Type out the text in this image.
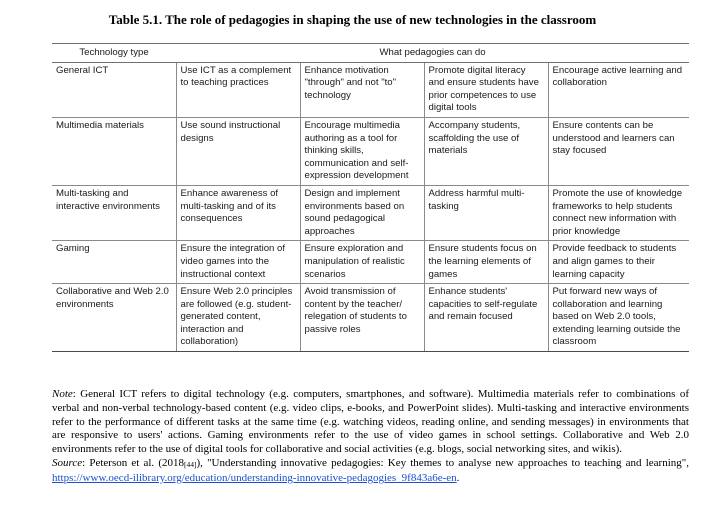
Table 5.1. The role of pedagogies in shaping the use of new technologies in the classroom
Technology type	What pedagogies can do			
General ICT	Use ICT as a complement to teaching practices	Enhance motivation "through" and not "to" technology	Promote digital literacy and ensure students have prior competences to use digital tools	Encourage active learning and collaboration
Multimedia materials	Use sound instructional designs	Encourage multimedia authoring as a tool for thinking skills, communication and self-expression development	Accompany students, scaffolding the use of materials	Ensure contents can be understood and learners can stay focused
Multi-tasking and interactive environments	Enhance awareness of multi-tasking and of its consequences	Design and implement environments based on sound pedagogical approaches	Address harmful multi-tasking	Promote the use of knowledge frameworks to help students connect new information with prior knowledge
Gaming	Ensure the integration of video games into the instructional context	Ensure exploration and manipulation of realistic scenarios	Ensure students focus on the learning elements of games	Provide feedback to students and align games to their learning capacity
Collaborative and Web 2.0 environments	Ensure Web 2.0 principles are followed (e.g. student-generated content, interaction and collaboration)	Avoid transmission of content by the teacher/ relegation of students to passive roles	Enhance students' capacities to self-regulate and remain focused	Put forward new ways of collaboration and learning based on Web 2.0 tools, extending learning outside the classroom
Note: General ICT refers to digital technology (e.g. computers, smartphones, and software). Multimedia materials refer to combinations of verbal and non-verbal technology-based content (e.g. video clips, e-books, and PowerPoint slides). Multi-tasking and interactive environments refer to the performance of different tasks at the same time (e.g. watching videos, reading online, and sending messages) in environments that are responsive to users' actions. Gaming environments refer to the use of video games in school settings. Collaborative and Web 2.0 environments refer to the use of digital tools for collaborative and social activities (e.g. blogs, social networking sites, and wikis).
Source: Peterson et al. $(2018_{[44]})$, "Understanding innovative pedagogies: Key themes to analyse new approaches to teaching and learning", https://www.oecd-ilibrary.org/education/understanding-innovative-pedagogies_9f843a6e-en.
